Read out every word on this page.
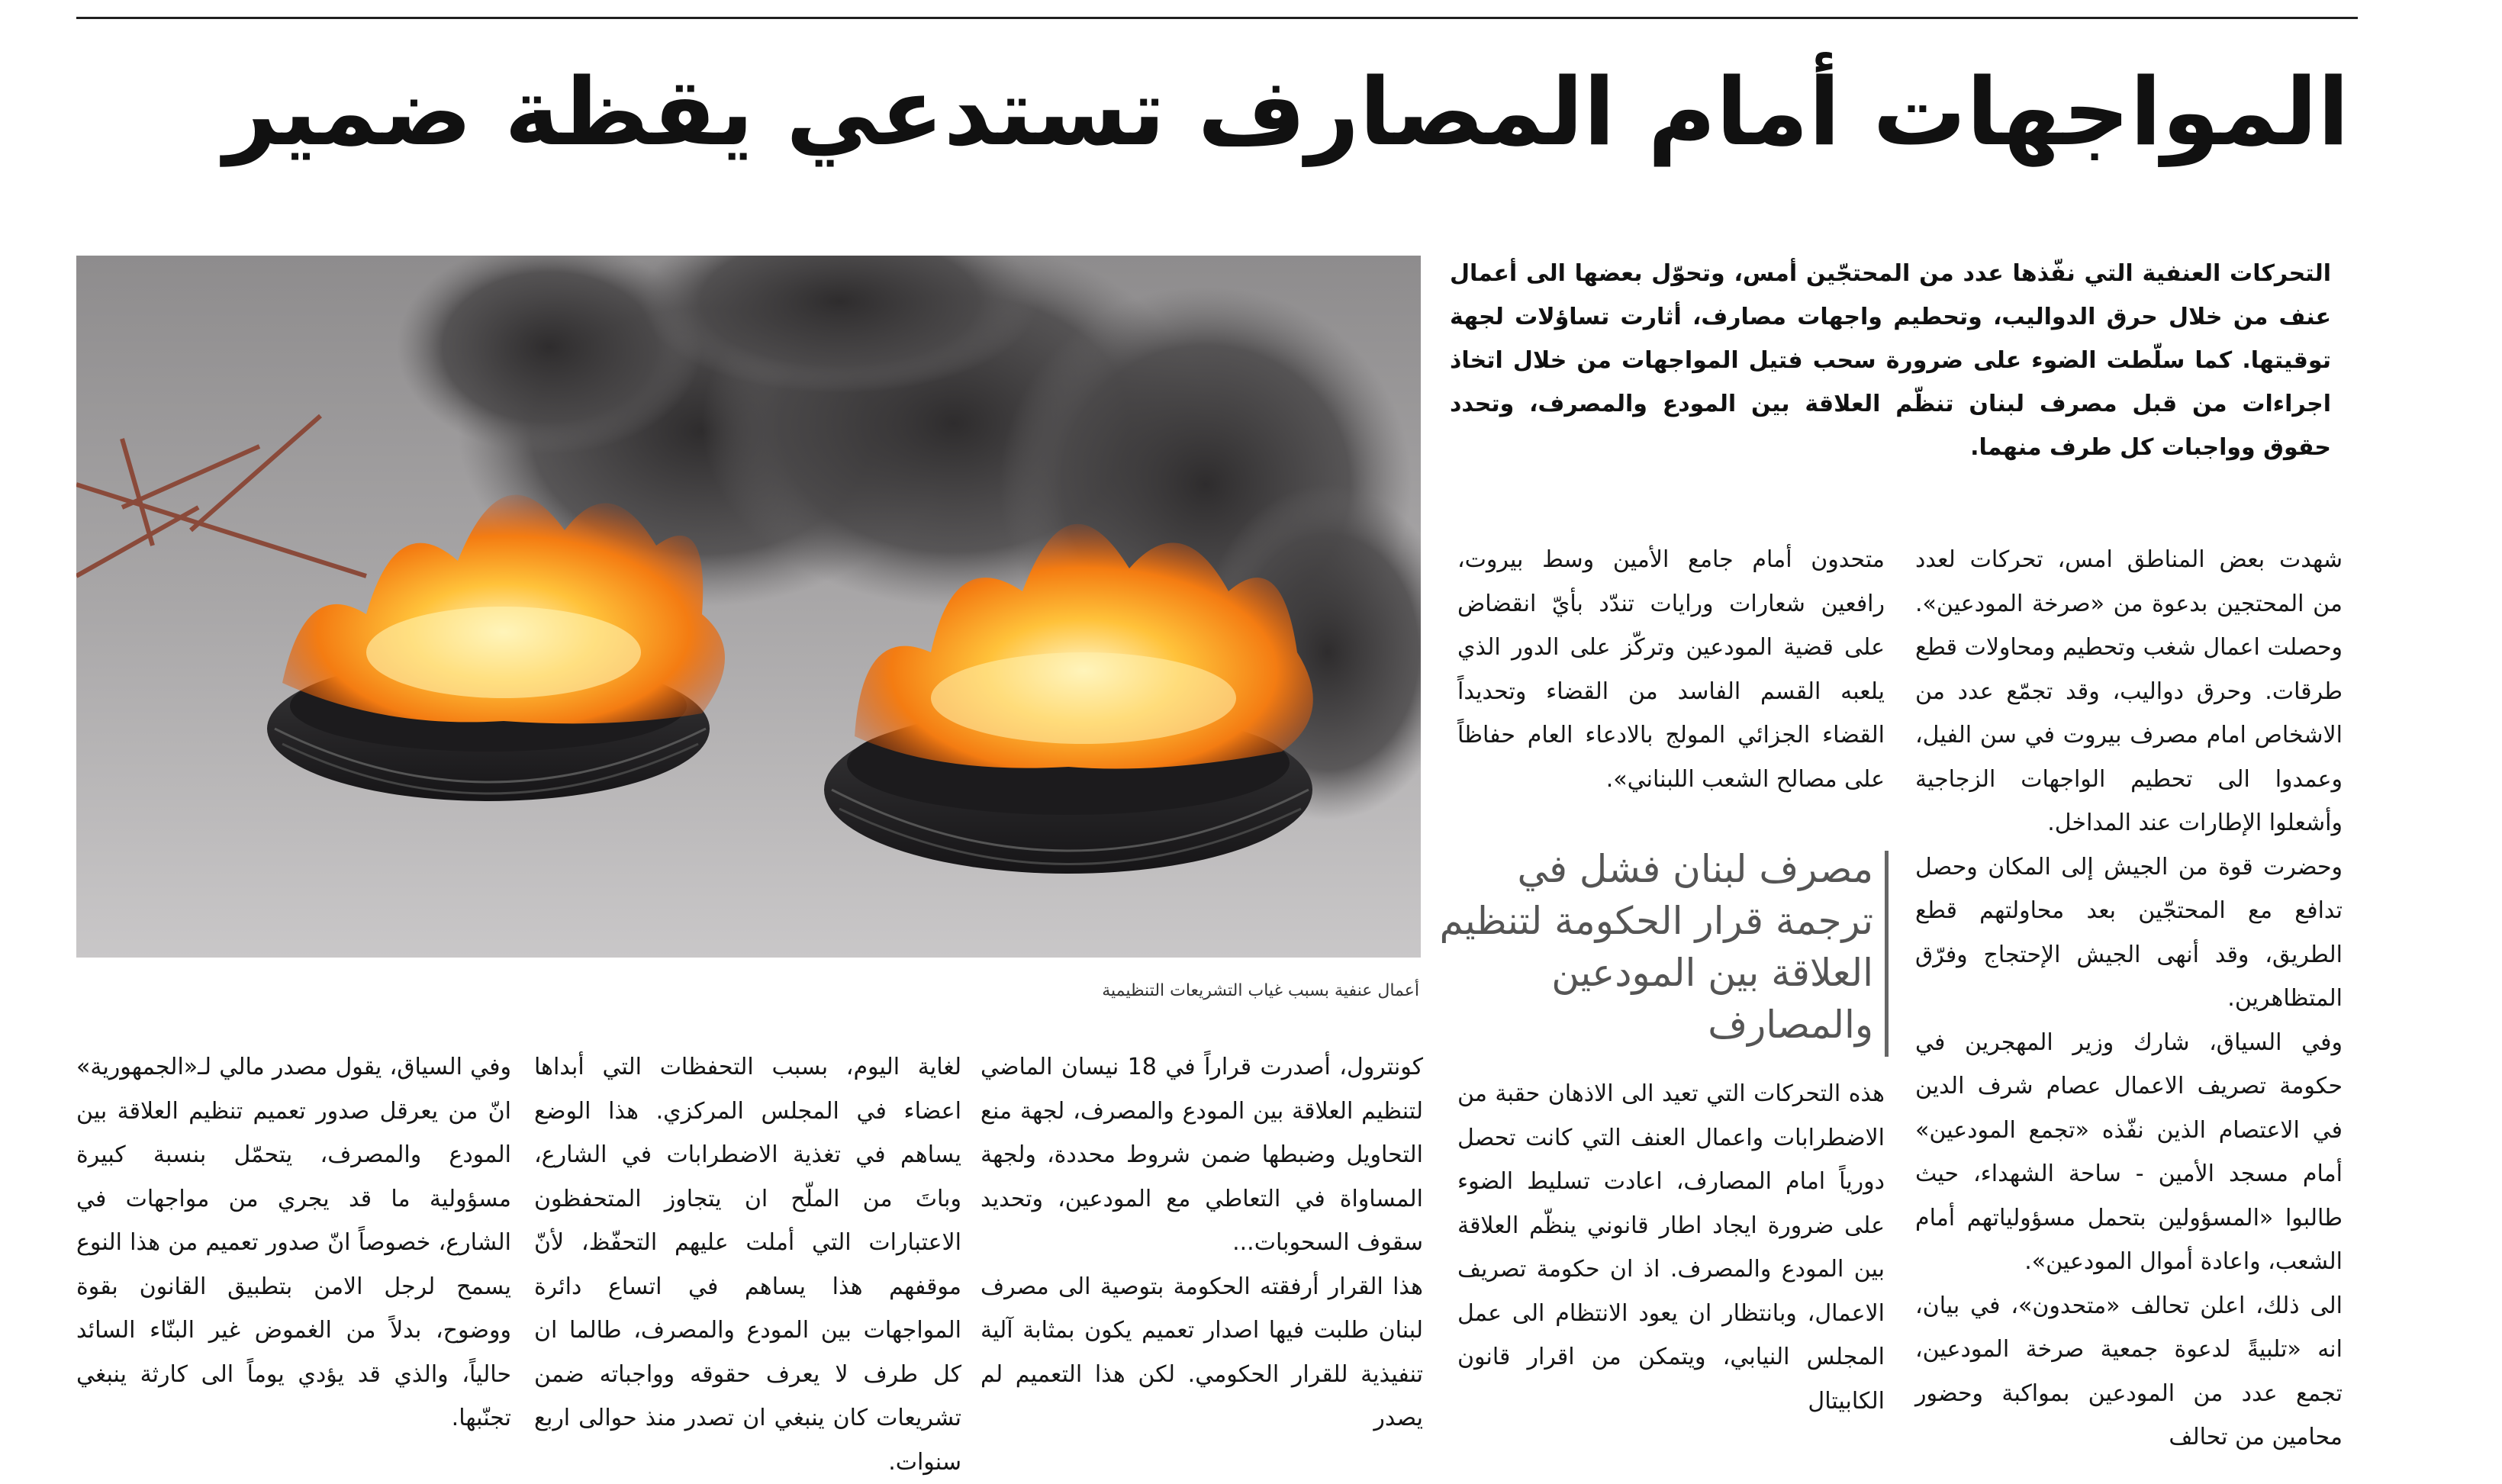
المواجهات أمام المصارف تستدعي يقظة ضمير
التحركات العنفية التي نفّذها عدد من المحتجّين أمس، وتحوّل بعضها الى أعمال عنف من خلال حرق الدواليب، وتحطيم واجهات مصارف، أثارت تساؤلات لجهة توقيتها. كما سلّطت الضوء على ضرورة سحب فتيل المواجهات من خلال اتخاذ اجراءات من قبل مصرف لبنان تنظّم العلاقة بين المودع والمصرف، وتحدد حقوق وواجبات كل طرف منهما.
أعمال عنفية بسبب غياب التشريعات التنظيمية

شهدت بعض المناطق امس، تحركات لعدد من المحتجين بدعوة من «صرخة المودعين». وحصلت اعمال شغب وتحطيم ومحاولات قطع طرقات. وحرق دواليب، وقد تجمّع عدد من الاشخاص امام مصرف بيروت في سن الفيل، وعمدوا الى تحطيم الواجهات الزجاجية وأشعلوا الإطارات عند المداخل.

وحضرت قوة من الجيش إلى المكان وحصل تدافع مع المحتجّين بعد محاولتهم قطع الطريق، وقد أنهى الجيش الإحتجاج وفرّق المتظاهرين.

وفي السياق، شارك وزير المهجرين في حكومة تصريف الاعمال عصام شرف الدين في الاعتصام الذين نفّذه «تجمع المودعين» أمام مسجد الأمين - ساحة الشهداء، حيث طالبوا «المسؤولين بتحمل مسؤولياتهم أمام الشعب، واعادة أموال المودعين».

الى ذلك، اعلن تحالف «متحدون»، في بيان، انه «تلبيةً لدعوة جمعية صرخة المودعين، تجمع عدد من المودعين بمواكبة وحضور محامين من تحالف

متحدون أمام جامع الأمين وسط بيروت، رافعين شعارات ورايات تندّد بأيّ انقضاض على قضية المودعين وتركّز على الدور الذي يلعبه القسم الفاسد من القضاء وتحديداً القضاء الجزائي المولج بالادعاء العام حفاظاً على مصالح الشعب اللبناني».

مصرف لبنان فشل في ترجمة قرار الحكومة لتنظيم العلاقة بين المودعين والمصارف

هذه التحركات التي تعيد الى الاذهان حقبة من الاضطرابات واعمال العنف التي كانت تحصل دورياً امام المصارف، اعادت تسليط الضوء على ضرورة ايجاد اطار قانوني ينظّم العلاقة بين المودع والمصرف. اذ ان حكومة تصريف الاعمال، وبانتظار ان يعود الانتظام الى عمل المجلس النيابي، ويتمكن من اقرار قانون الكابيتال

كونترول، أصدرت قراراً في 18 نيسان الماضي لتنظيم العلاقة بين المودع والمصرف، لجهة منع التحاويل وضبطها ضمن شروط محددة، ولجهة المساواة في التعاطي مع المودعين، وتحديد سقوف السحوبات...

هذا القرار أرفقته الحكومة بتوصية الى مصرف لبنان طلبت فيها اصدار تعميم يكون بمثابة آلية تنفيذية للقرار الحكومي. لكن هذا التعميم لم يصدر

لغاية اليوم، بسبب التحفظات التي أبداها اعضاء في المجلس المركزي. هذا الوضع يساهم في تغذية الاضطرابات في الشارع، وباتَ من الملّح ان يتجاوز المتحفظون الاعتبارات التي أملت عليهم التحفّظ، لأنّ موقفهم هذا يساهم في اتساع دائرة المواجهات بين المودع والمصرف، طالما ان كل طرف لا يعرف حقوقه وواجباته ضمن تشريعات كان ينبغي ان تصدر منذ حوالى اربع سنوات.

وفي السياق، يقول مصدر مالي لـ«الجمهورية» انّ من يعرقل صدور تعميم تنظيم العلاقة بين المودع والمصرف، يتحمّل بنسبة كبيرة مسؤولية ما قد يجري من مواجهات في الشارع، خصوصاً انّ صدور تعميم من هذا النوع يسمح لرجل الامن بتطبيق القانون بقوة ووضوح، بدلاً من الغموض غير البنّاء السائد حالياً، والذي قد يؤدي يوماً الى كارثة ينبغي تجنّبها.
